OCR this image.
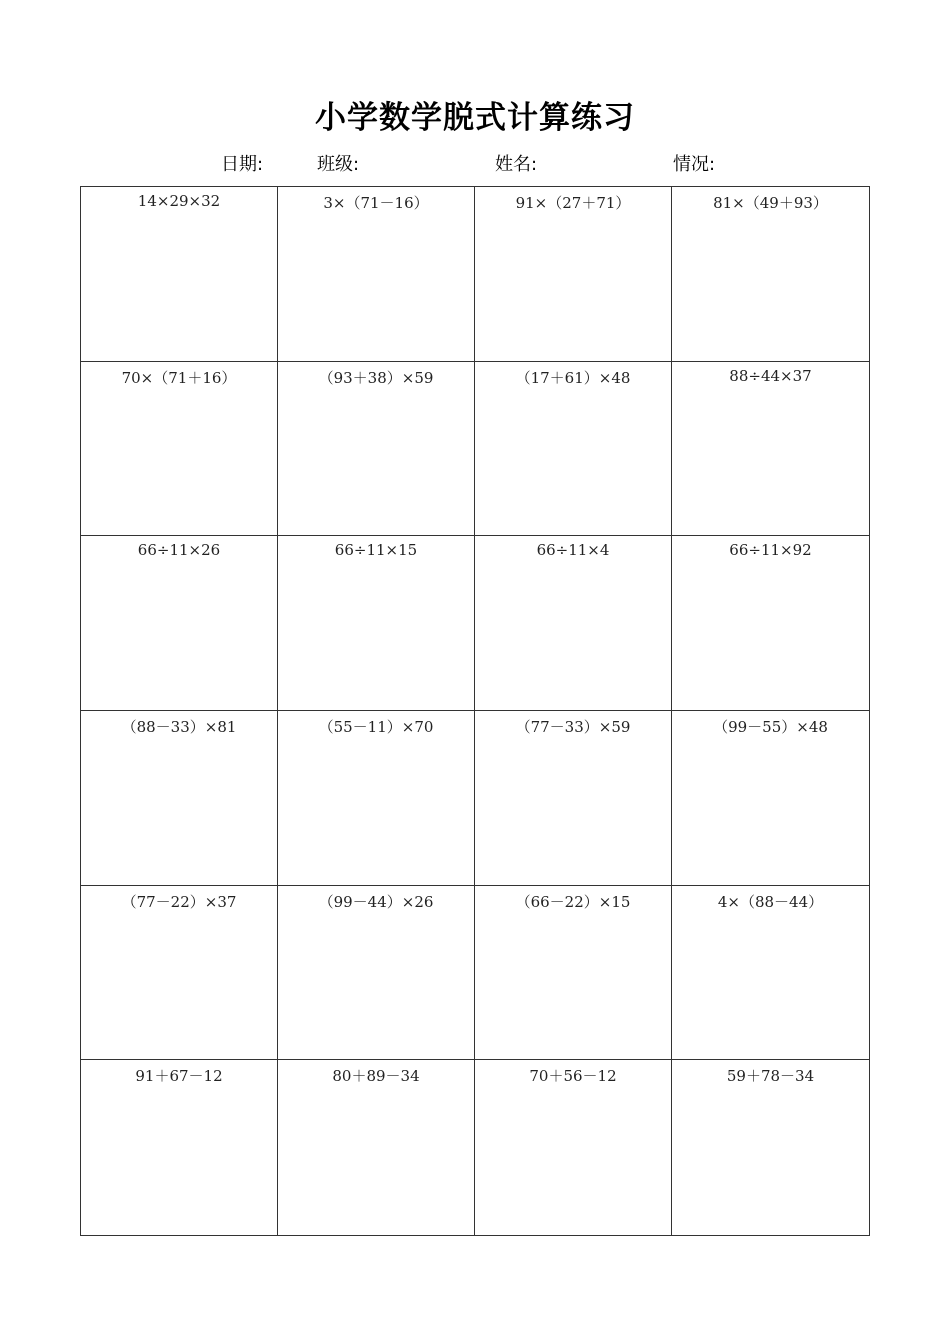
小学数学脱式计算练习
日期:	班级:	姓名:	情况:
14×29×32	3×（71－16）	91×（27＋71）	81×（49＋93）
70×（71＋16）	（93＋38）×59	（17＋61）×48	88÷44×37
66÷11×26	66÷11×15	66÷11×4	66÷11×92
（88－33）×81	（55－11）×70	（77－33）×59	（99－55）×48
（77－22）×37	（99－44）×26	（66－22）×15	4×（88－44）
91＋67－12	80＋89－34	70＋56－12	59＋78－34
